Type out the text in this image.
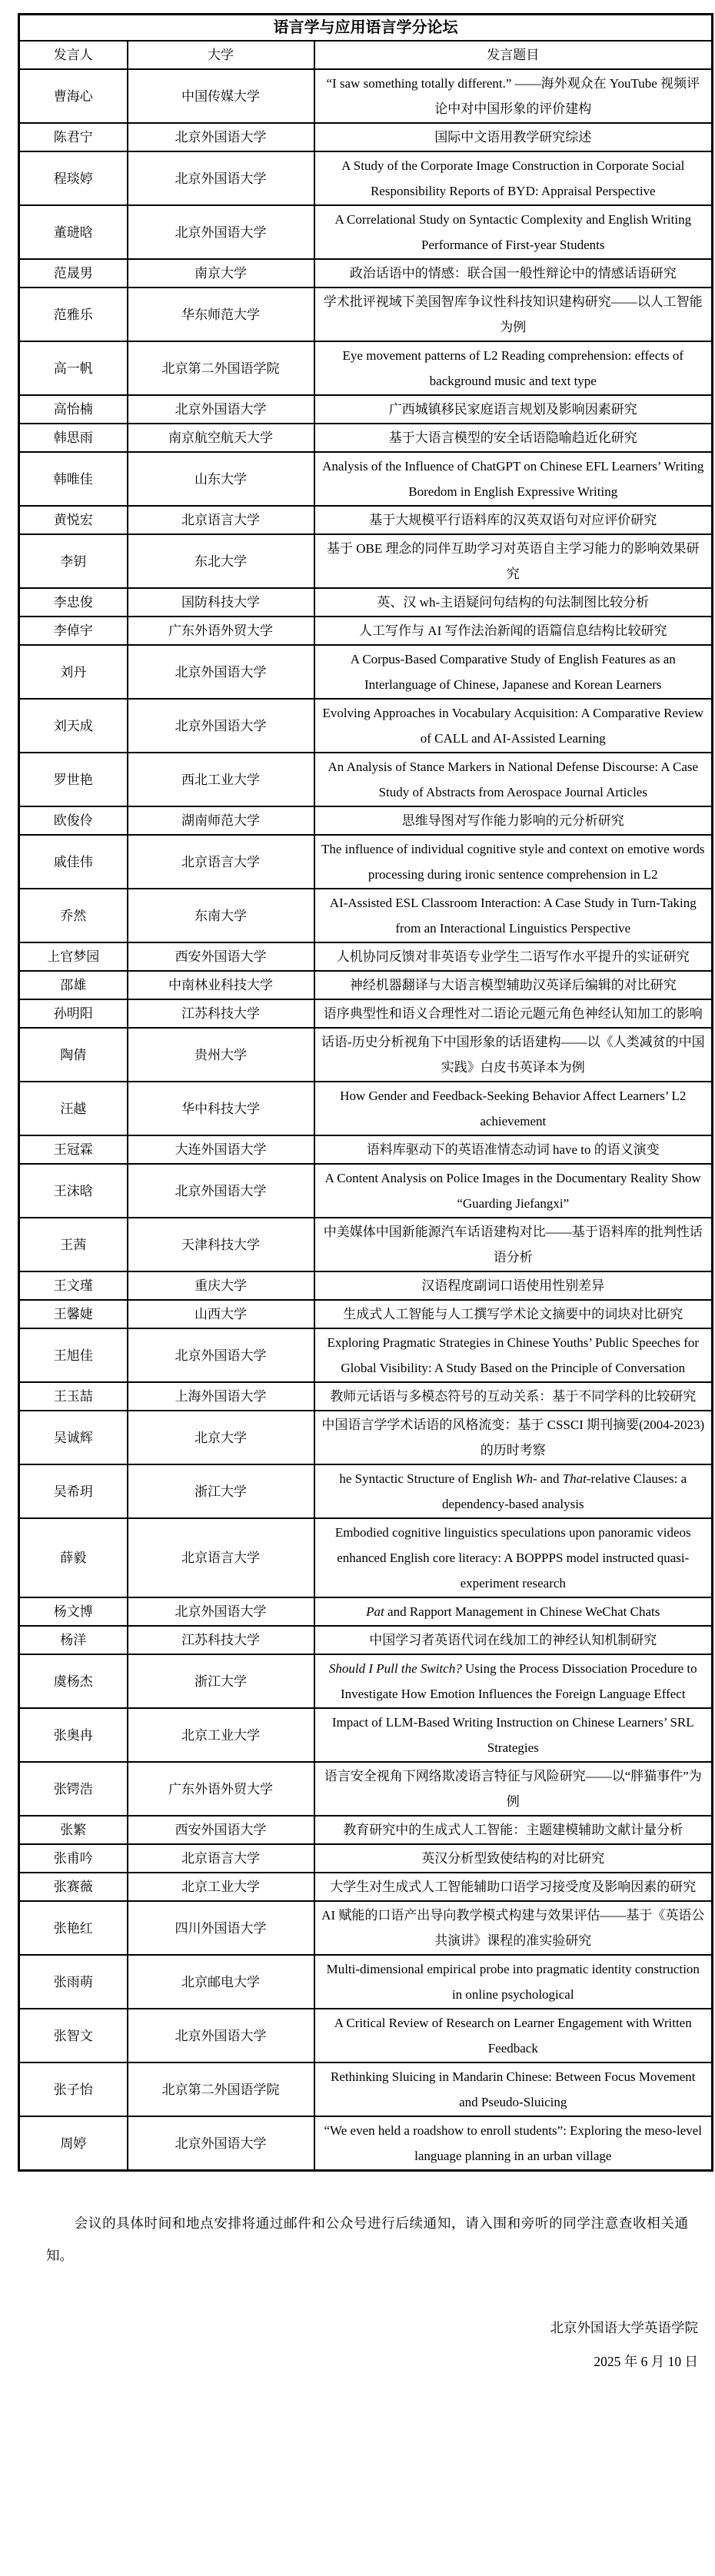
语言学与应用语言学分论坛		
发言人	大学	发言题目
曹海心	中国传媒大学	“I saw something totally different.” ——海外观众在 YouTube 视频评论中对中国形象的评价建构
陈君宁	北京外国语大学	国际中文语用教学研究综述
程琰婷	北京外国语大学	A Study of the Corporate Image Construction in Corporate Social Responsibility Reports of BYD: Appraisal Perspective
董琎晗	北京外国语大学	A Correlational Study on Syntactic Complexity and English Writing Performance of First-year Students
范晟男	南京大学	政治话语中的情感：联合国一般性辩论中的情感话语研究
范雅乐	华东师范大学	学术批评视域下美国智库争议性科技知识建构研究——以人工智能为例
高一帆	北京第二外国语学院	Eye movement patterns of L2 Reading comprehension: effects of background music and text type
高怡楠	北京外国语大学	广西城镇移民家庭语言规划及影响因素研究
韩思雨	南京航空航天大学	基于大语言模型的安全话语隐喻趋近化研究
韩唯佳	山东大学	Analysis of the Influence of ChatGPT on Chinese EFL Learners’ Writing Boredom in English Expressive Writing
黄悦宏	北京语言大学	基于大规模平行语料库的汉英双语句对应评价研究
李钥	东北大学	基于 OBE 理念的同伴互助学习对英语自主学习能力的影响效果研究
李忠俊	国防科技大学	英、汉 wh-主语疑问句结构的句法制图比较分析
李倬宇	广东外语外贸大学	人工写作与 AI 写作法治新闻的语篇信息结构比较研究
刘丹	北京外国语大学	A Corpus-Based Comparative Study of English Features as an Interlanguage of Chinese, Japanese and Korean Learners
刘天成	北京外国语大学	Evolving Approaches in Vocabulary Acquisition: A Comparative Review of CALL and AI-Assisted Learning
罗世艳	西北工业大学	An Analysis of Stance Markers in National Defense Discourse: A Case Study of Abstracts from Aerospace Journal Articles
欧俊伶	湖南师范大学	思维导图对写作能力影响的元分析研究
戚佳伟	北京语言大学	The influence of individual cognitive style and context on emotive words processing during ironic sentence comprehension in L2
乔然	东南大学	AI-Assisted ESL Classroom Interaction: A Case Study in Turn-Taking from an Interactional Linguistics Perspective
上官梦园	西安外国语大学	人机协同反馈对非英语专业学生二语写作水平提升的实证研究
邵雄	中南林业科技大学	神经机器翻译与大语言模型辅助汉英译后编辑的对比研究
孙明阳	江苏科技大学	语序典型性和语义合理性对二语论元题元角色神经认知加工的影响
陶倩	贵州大学	话语-历史分析视角下中国形象的话语建构——以《人类减贫的中国实践》白皮书英译本为例
汪越	华中科技大学	How Gender and Feedback-Seeking Behavior Affect Learners’ L2 achievement
王冠霖	大连外国语大学	语料库驱动下的英语准情态动词 have to 的语义演变
王沫晗	北京外国语大学	A Content Analysis on Police Images in the Documentary Reality Show “Guarding Jiefangxi”
王茜	天津科技大学	中美媒体中国新能源汽车话语建构对比——基于语料库的批判性话语分析
王文瑾	重庆大学	汉语程度副词口语使用性别差异
王馨婕	山西大学	生成式人工智能与人工撰写学术论文摘要中的词块对比研究
王旭佳	北京外国语大学	Exploring Pragmatic Strategies in Chinese Youths’ Public Speeches for Global Visibility: A Study Based on the Principle of Conversation
王玉喆	上海外国语大学	教师元话语与多模态符号的互动关系：基于不同学科的比较研究
吴诚辉	北京大学	中国语言学学术话语的风格流变：基于 CSSCI 期刊摘要(2004-2023)的历时考察
吴希玥	浙江大学	he Syntactic Structure of English Wh- and That-relative Clauses: a dependency-based analysis
薛毅	北京语言大学	Embodied cognitive linguistics speculations upon panoramic videos enhanced English core literacy: A BOPPPS model instructed quasi-experiment research
杨文博	北京外国语大学	Pat and Rapport Management in Chinese WeChat Chats
杨洋	江苏科技大学	中国学习者英语代词在线加工的神经认知机制研究
虞杨杰	浙江大学	Should I Pull the Switch? Using the Process Dissociation Procedure to Investigate How Emotion Influences the Foreign Language Effect
张奥冉	北京工业大学	Impact of LLM-Based Writing Instruction on Chinese Learners’ SRL Strategies
张锷浩	广东外语外贸大学	语言安全视角下网络欺凌语言特征与风险研究——以“胖猫事件”为例
张繁	西安外国语大学	教育研究中的生成式人工智能：主题建模辅助文献计量分析
张甫吟	北京语言大学	英汉分析型致使结构的对比研究
张赛薇	北京工业大学	大学生对生成式人工智能辅助口语学习接受度及影响因素的研究
张艳红	四川外国语大学	AI 赋能的口语产出导向教学模式构建与效果评估——基于《英语公共演讲》课程的准实验研究
张雨萌	北京邮电大学	Multi-dimensional empirical probe into pragmatic identity construction in online psychological
张智文	北京外国语大学	A Critical Review of Research on Learner Engagement with Written Feedback
张子怡	北京第二外国语学院	Rethinking Sluicing in Mandarin Chinese: Between Focus Movement and Pseudo-Sluicing
周婷	北京外国语大学	“We even held a roadshow to enroll students”: Exploring the meso-level language planning in an urban village

会议的具体时间和地点安排将通过邮件和公众号进行后续通知，请入围和旁听的同学注意查收相关通知。

北京外国语大学英语学院
2025 年 6 月 10 日
